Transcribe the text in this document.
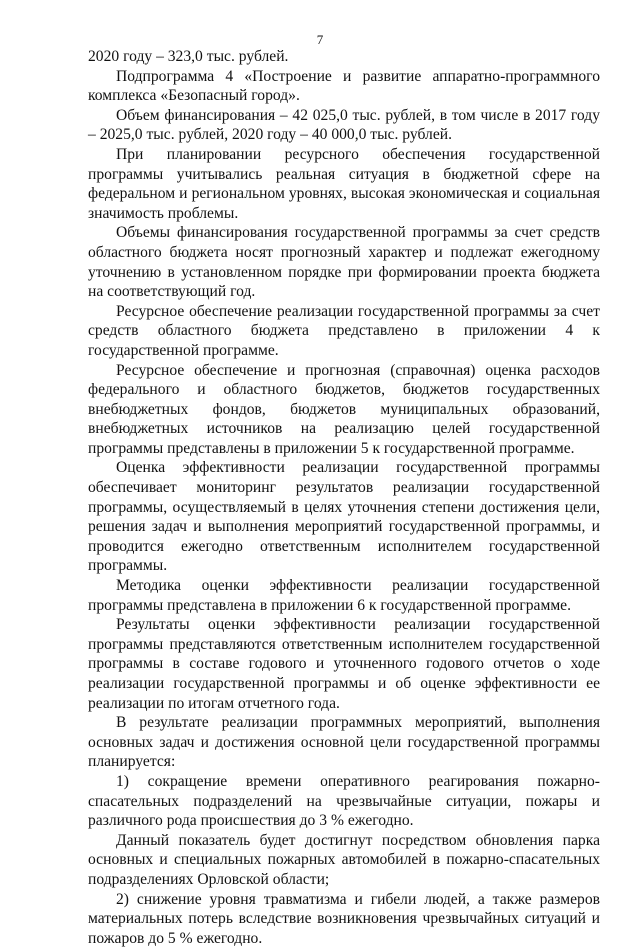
7

2020 году – 323,0 тыс. рублей.

Подпрограмма 4 «Построение и развитие аппаратно-программного комплекса «Безопасный город».

Объем финансирования – 42 025,0 тыс. рублей, в том числе в 2017 году – 2025,0 тыс. рублей, 2020 году – 40 000,0 тыс. рублей.

При планировании ресурсного обеспечения государственной программы учитывались реальная ситуация в бюджетной сфере на федеральном и региональном уровнях, высокая экономическая и социальная значимость проблемы.

Объемы финансирования государственной программы за счет средств областного бюджета носят прогнозный характер и подлежат ежегодному уточнению в установленном порядке при формировании проекта бюджета на соответствующий год.

Ресурсное обеспечение реализации государственной программы за счет средств областного бюджета представлено в приложении 4 к государственной программе.

Ресурсное обеспечение и прогнозная (справочная) оценка расходов федерального и областного бюджетов, бюджетов государственных внебюджетных фондов, бюджетов муниципальных образований, внебюджетных источников на реализацию целей государственной программы представлены в приложении 5 к государственной программе.

Оценка эффективности реализации государственной программы обеспечивает мониторинг результатов реализации государственной программы, осуществляемый в целях уточнения степени достижения цели, решения задач и выполнения мероприятий государственной программы, и проводится ежегодно ответственным исполнителем государственной программы.

Методика оценки эффективности реализации государственной программы представлена в приложении 6 к государственной программе.

Результаты оценки эффективности реализации государственной программы представляются ответственным исполнителем государственной программы в составе годового и уточненного годового отчетов о ходе реализации государственной программы и об оценке эффективности ее реализации по итогам отчетного года.

В результате реализации программных мероприятий, выполнения основных задач и достижения основной цели государственной программы планируется:

1) сокращение времени оперативного реагирования пожарно-спасательных подразделений на чрезвычайные ситуации, пожары и различного рода происшествия до 3 % ежегодно.

Данный показатель будет достигнут посредством обновления парка основных и специальных пожарных автомобилей в пожарно-спасательных подразделениях Орловской области;

2) снижение уровня травматизма и гибели людей, а также размеров материальных потерь вследствие возникновения чрезвычайных ситуаций и пожаров до 5 % ежегодно.
